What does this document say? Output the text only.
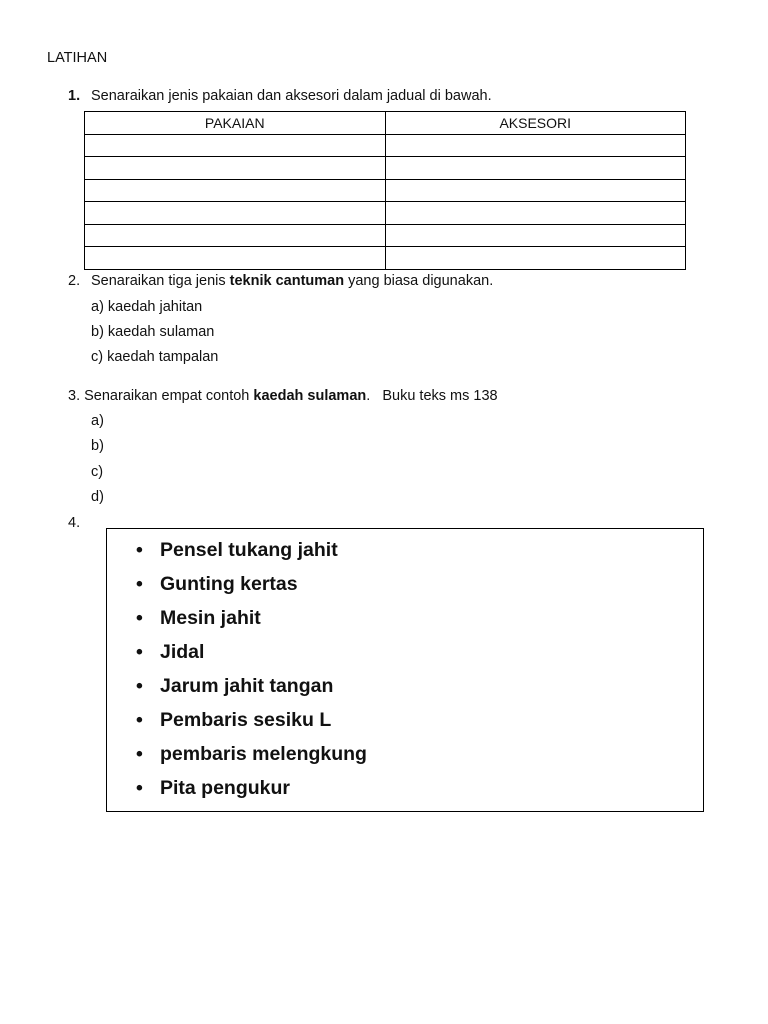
LATIHAN
1. Senaraikan jenis pakaian dan aksesori dalam jadual di bawah.
PAKAIAN	AKSESORI

2. Senaraikan tiga jenis teknik cantuman yang biasa digunakan.
a) kaedah jahitan
b) kaedah sulaman
c) kaedah tampalan
3. Senaraikan empat contoh kaedah sulaman.   Buku teks ms 138
a)
b)
c)
d)
4.
• Pensel tukang jahit
• Gunting kertas
• Mesin jahit
• Jidal
• Jarum jahit tangan
• Pembaris sesiku L
• pembaris melengkung
• Pita pengukur
